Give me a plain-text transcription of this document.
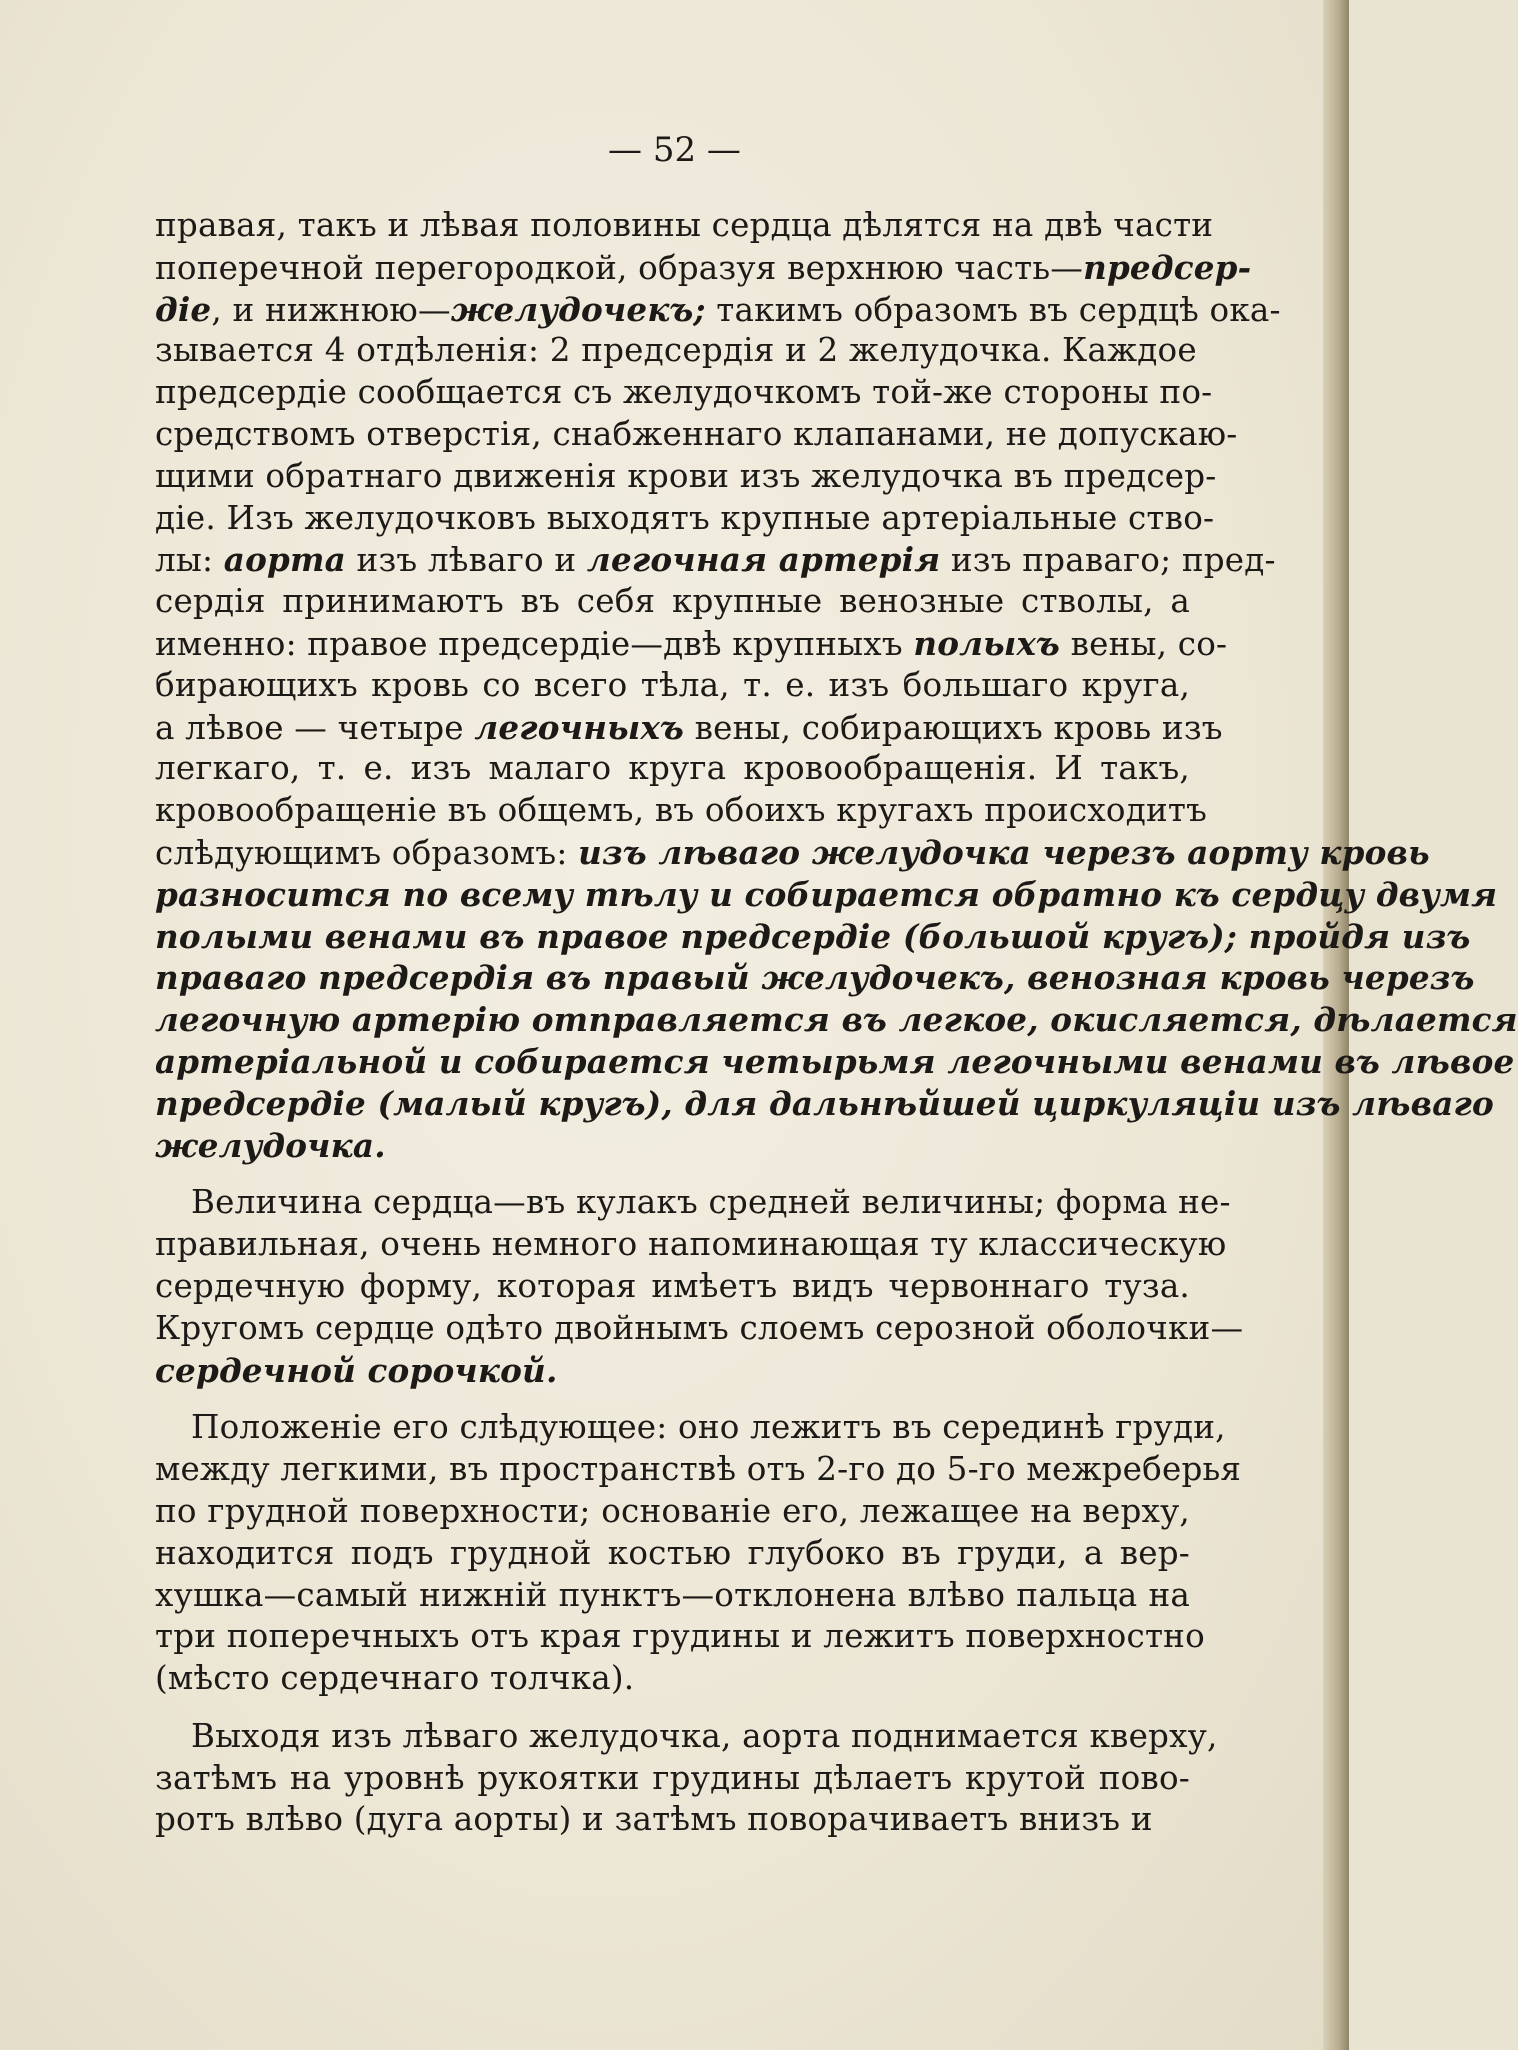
— 52 —
правая, такъ и лѣвая половины сердца дѣлятся на двѣ части
поперечной перегородкой, образуя верхнюю часть—предсер-
діе, и нижнюю—желудочекъ; такимъ образомъ въ сердцѣ ока-
зывается 4 отдѣленія: 2 предсердія и 2 желудочка. Каждое
предсердіе сообщается съ желудочкомъ той-же стороны по-
средствомъ отверстія, снабженнаго клапанами, не допускаю-
щими обратнаго движенія крови изъ желудочка въ предсер-
діе. Изъ желудочковъ выходятъ крупные артеріальные ство-
лы: аорта изъ лѣваго и легочная артерія изъ праваго; пред-
сердія принимаютъ въ себя крупные венозные стволы, а
именно: правое предсердіе—двѣ крупныхъ полыхъ вены, со-
бирающихъ кровь со всего тѣла, т. е. изъ большаго круга,
а лѣвое — четыре легочныхъ вены, собирающихъ кровь изъ
легкаго, т. е. изъ малаго круга кровообращенія. И такъ,
кровообращеніе въ общемъ, въ обоихъ кругахъ происходитъ
слѣдующимъ образомъ: изъ лѣваго желудочка черезъ аорту кровь
разносится по всему тѣлу и собирается обратно къ сердцу двумя
полыми венами въ правое предсердіе (большой кругъ); пройдя изъ
праваго предсердія въ правый желудочекъ, венозная кровь черезъ
легочную артерію отправляется въ легкое, окисляется, дѣлается
артеріальной и собирается четырьмя легочными венами въ лѣвое
предсердіе (малый кругъ), для дальнѣйшей циркуляціи изъ лѣваго
желудочка.
Величина сердца—въ кулакъ средней величины; форма не-
правильная, очень немного напоминающая ту классическую
сердечную форму, которая имѣетъ видъ червоннаго туза.
Кругомъ сердце одѣто двойнымъ слоемъ серозной оболочки—
сердечной сорочкой.
Положеніе его слѣдующее: оно лежитъ въ серединѣ груди,
между легкими, въ пространствѣ отъ 2-го до 5-го межреберья
по грудной поверхности; основаніе его, лежащее на верху,
находится подъ грудной костью глубоко въ груди, а вер-
хушка—самый нижній пунктъ—отклонена влѣво пальца на
три поперечныхъ отъ края грудины и лежитъ поверхностно
(мѣсто сердечнаго толчка).
Выходя изъ лѣваго желудочка, аорта поднимается кверху,
затѣмъ на уровнѣ рукоятки грудины дѣлаетъ крутой пово-
ротъ влѣво (дуга аорты) и затѣмъ поворачиваетъ внизъ и
